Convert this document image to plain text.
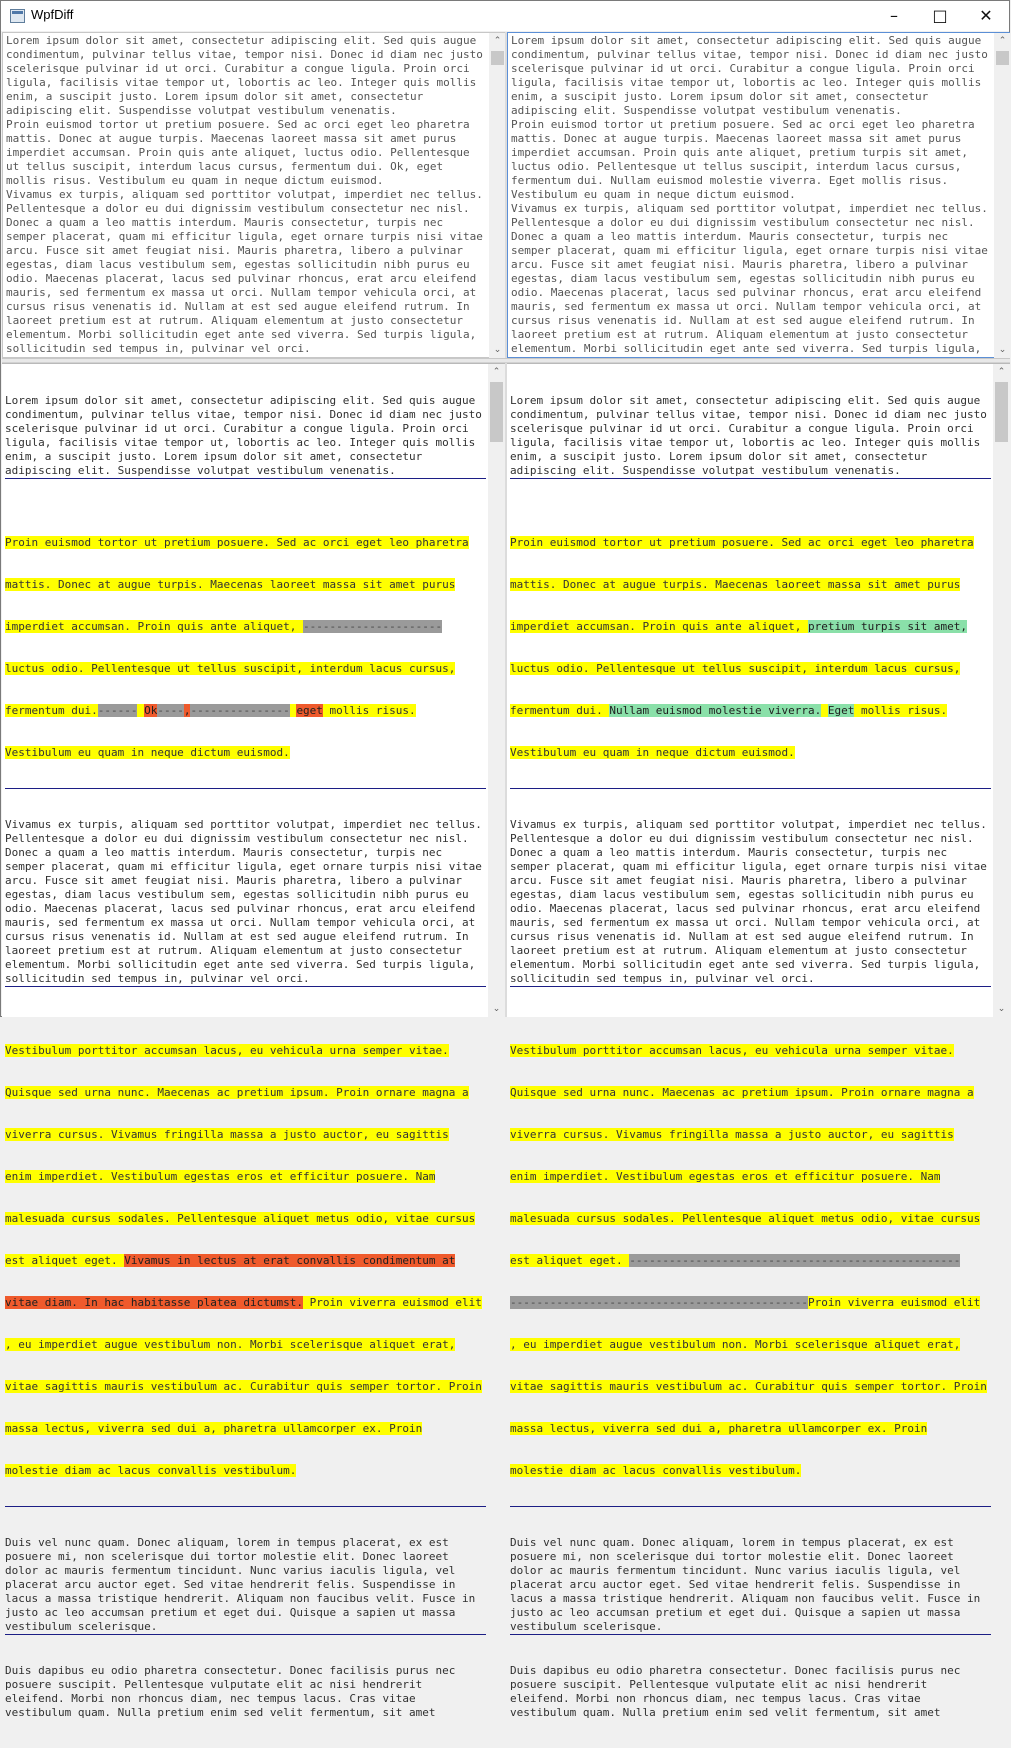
WpfDiff	–	□	✕
Lorem ipsum dolor sit amet, consectetur adipiscing elit. Sed quis augue
condimentum, pulvinar tellus vitae, tempor nisi. Donec id diam nec justo
scelerisque pulvinar id ut orci. Curabitur a congue ligula. Proin orci
ligula, facilisis vitae tempor ut, lobortis ac leo. Integer quis mollis
enim, a suscipit justo. Lorem ipsum dolor sit amet, consectetur
adipiscing elit. Suspendisse volutpat vestibulum venenatis.
Proin euismod tortor ut pretium posuere. Sed ac orci eget leo pharetra
mattis. Donec at augue turpis. Maecenas laoreet massa sit amet purus
imperdiet accumsan. Proin quis ante aliquet, luctus odio. Pellentesque
ut tellus suscipit, interdum lacus cursus, fermentum dui. Ok, eget
mollis risus. Vestibulum eu quam in neque dictum euismod.
Vivamus ex turpis, aliquam sed porttitor volutpat, imperdiet nec tellus.
Pellentesque a dolor eu dui dignissim vestibulum consectetur nec nisl.
Donec a quam a leo mattis interdum. Mauris consectetur, turpis nec
semper placerat, quam mi efficitur ligula, eget ornare turpis nisi vitae
arcu. Fusce sit amet feugiat nisi. Mauris pharetra, libero a pulvinar
egestas, diam lacus vestibulum sem, egestas sollicitudin nibh purus eu
odio. Maecenas placerat, lacus sed pulvinar rhoncus, erat arcu eleifend
mauris, sed fermentum ex massa ut orci. Nullam tempor vehicula orci, at
cursus risus venenatis id. Nullam at est sed augue eleifend rutrum. In
laoreet pretium est at rutrum. Aliquam elementum at justo consectetur
elementum. Morbi sollicitudin eget ante sed viverra. Sed turpis ligula,
sollicitudin sed tempus in, pulvinar vel orci.
⌃
⌄
Lorem ipsum dolor sit amet, consectetur adipiscing elit. Sed quis augue
condimentum, pulvinar tellus vitae, tempor nisi. Donec id diam nec justo
scelerisque pulvinar id ut orci. Curabitur a congue ligula. Proin orci
ligula, facilisis vitae tempor ut, lobortis ac leo. Integer quis mollis
enim, a suscipit justo. Lorem ipsum dolor sit amet, consectetur
adipiscing elit. Suspendisse volutpat vestibulum venenatis.
Proin euismod tortor ut pretium posuere. Sed ac orci eget leo pharetra
mattis. Donec at augue turpis. Maecenas laoreet massa sit amet purus
imperdiet accumsan. Proin quis ante aliquet, pretium turpis sit amet,
luctus odio. Pellentesque ut tellus suscipit, interdum lacus cursus,
fermentum dui. Nullam euismod molestie viverra. Eget mollis risus.
Vestibulum eu quam in neque dictum euismod.
Vivamus ex turpis, aliquam sed porttitor volutpat, imperdiet nec tellus.
Pellentesque a dolor eu dui dignissim vestibulum consectetur nec nisl.
Donec a quam a leo mattis interdum. Mauris consectetur, turpis nec
semper placerat, quam mi efficitur ligula, eget ornare turpis nisi vitae
arcu. Fusce sit amet feugiat nisi. Mauris pharetra, libero a pulvinar
egestas, diam lacus vestibulum sem, egestas sollicitudin nibh purus eu
odio. Maecenas placerat, lacus sed pulvinar rhoncus, erat arcu eleifend
mauris, sed fermentum ex massa ut orci. Nullam tempor vehicula orci, at
cursus risus venenatis id. Nullam at est sed augue eleifend rutrum. In
laoreet pretium est at rutrum. Aliquam elementum at justo consectetur
elementum. Morbi sollicitudin eget ante sed viverra. Sed turpis ligula,
⌃
⌄

Lorem ipsum dolor sit amet, consectetur adipiscing elit. Sed quis augue
condimentum, pulvinar tellus vitae, tempor nisi. Donec id diam nec justo
scelerisque pulvinar id ut orci. Curabitur a congue ligula. Proin orci
ligula, facilisis vitae tempor ut, lobortis ac leo. Integer quis mollis
enim, a suscipit justo. Lorem ipsum dolor sit amet, consectetur
adipiscing elit. Suspendisse volutpat vestibulum venenatis.

Proin euismod tortor ut pretium posuere. Sed ac orci eget leo pharetra

mattis. Donec at augue turpis. Maecenas laoreet massa sit amet purus

imperdiet accumsan. Proin quis ante aliquet, ---------------------

luctus odio. Pellentesque ut tellus suscipit, interdum lacus cursus,

fermentum dui.------ Ok----,--------------- eget mollis risus.

Vestibulum eu quam in neque dictum euismod.

Vivamus ex turpis, aliquam sed porttitor volutpat, imperdiet nec tellus.
Pellentesque a dolor eu dui dignissim vestibulum consectetur nec nisl.
Donec a quam a leo mattis interdum. Mauris consectetur, turpis nec
semper placerat, quam mi efficitur ligula, eget ornare turpis nisi vitae
arcu. Fusce sit amet feugiat nisi. Mauris pharetra, libero a pulvinar
egestas, diam lacus vestibulum sem, egestas sollicitudin nibh purus eu
odio. Maecenas placerat, lacus sed pulvinar rhoncus, erat arcu eleifend
mauris, sed fermentum ex massa ut orci. Nullam tempor vehicula orci, at
cursus risus venenatis id. Nullam at est sed augue eleifend rutrum. In
laoreet pretium est at rutrum. Aliquam elementum at justo consectetur
elementum. Morbi sollicitudin eget ante sed viverra. Sed turpis ligula,
sollicitudin sed tempus in, pulvinar vel orci.

Vestibulum porttitor accumsan lacus, eu vehicula urna semper vitae.

Quisque sed urna nunc. Maecenas ac pretium ipsum. Proin ornare magna a

viverra cursus. Vivamus fringilla massa a justo auctor, eu sagittis

enim imperdiet. Vestibulum egestas eros et efficitur posuere. Nam

malesuada cursus sodales. Pellentesque aliquet metus odio, vitae cursus

est aliquet eget. Vivamus in lectus at erat convallis condimentum at

vitae diam. In hac habitasse platea dictumst. Proin viverra euismod elit

, eu imperdiet augue vestibulum non. Morbi scelerisque aliquet erat,

vitae sagittis mauris vestibulum ac. Curabitur quis semper tortor. Proin

massa lectus, viverra sed dui a, pharetra ullamcorper ex. Proin

molestie diam ac lacus convallis vestibulum.

Duis vel nunc quam. Donec aliquam, lorem in tempus placerat, ex est
posuere mi, non scelerisque dui tortor molestie elit. Donec laoreet
dolor ac mauris fermentum tincidunt. Nunc varius iaculis ligula, vel
placerat arcu auctor eget. Sed vitae hendrerit felis. Suspendisse in
lacus a massa tristique hendrerit. Aliquam non faucibus velit. Fusce in
justo ac leo accumsan pretium et eget dui. Quisque a sapien ut massa
vestibulum scelerisque.

Duis dapibus eu odio pharetra consectetur. Donec facilisis purus nec
posuere suscipit. Pellentesque vulputate elit ac nisi hendrerit
eleifend. Morbi non rhoncus diam, nec tempus lacus. Cras vitae
vestibulum quam. Nulla pretium enim sed velit fermentum, sit amet

⌃
⌄

Lorem ipsum dolor sit amet, consectetur adipiscing elit. Sed quis augue
condimentum, pulvinar tellus vitae, tempor nisi. Donec id diam nec justo
scelerisque pulvinar id ut orci. Curabitur a congue ligula. Proin orci
ligula, facilisis vitae tempor ut, lobortis ac leo. Integer quis mollis
enim, a suscipit justo. Lorem ipsum dolor sit amet, consectetur
adipiscing elit. Suspendisse volutpat vestibulum venenatis.

Proin euismod tortor ut pretium posuere. Sed ac orci eget leo pharetra

mattis. Donec at augue turpis. Maecenas laoreet massa sit amet purus

imperdiet accumsan. Proin quis ante aliquet, pretium turpis sit amet,

luctus odio. Pellentesque ut tellus suscipit, interdum lacus cursus,

fermentum dui. Nullam euismod molestie viverra. Eget mollis risus.

Vestibulum eu quam in neque dictum euismod.

Vivamus ex turpis, aliquam sed porttitor volutpat, imperdiet nec tellus.
Pellentesque a dolor eu dui dignissim vestibulum consectetur nec nisl.
Donec a quam a leo mattis interdum. Mauris consectetur, turpis nec
semper placerat, quam mi efficitur ligula, eget ornare turpis nisi vitae
arcu. Fusce sit amet feugiat nisi. Mauris pharetra, libero a pulvinar
egestas, diam lacus vestibulum sem, egestas sollicitudin nibh purus eu
odio. Maecenas placerat, lacus sed pulvinar rhoncus, erat arcu eleifend
mauris, sed fermentum ex massa ut orci. Nullam tempor vehicula orci, at
cursus risus venenatis id. Nullam at est sed augue eleifend rutrum. In
laoreet pretium est at rutrum. Aliquam elementum at justo consectetur
elementum. Morbi sollicitudin eget ante sed viverra. Sed turpis ligula,
sollicitudin sed tempus in, pulvinar vel orci.

Vestibulum porttitor accumsan lacus, eu vehicula urna semper vitae.

Quisque sed urna nunc. Maecenas ac pretium ipsum. Proin ornare magna a

viverra cursus. Vivamus fringilla massa a justo auctor, eu sagittis

enim imperdiet. Vestibulum egestas eros et efficitur posuere. Nam

malesuada cursus sodales. Pellentesque aliquet metus odio, vitae cursus

est aliquet eget. --------------------------------------------------

---------------------------------------------Proin viverra euismod elit

, eu imperdiet augue vestibulum non. Morbi scelerisque aliquet erat,

vitae sagittis mauris vestibulum ac. Curabitur quis semper tortor. Proin

massa lectus, viverra sed dui a, pharetra ullamcorper ex. Proin

molestie diam ac lacus convallis vestibulum.

Duis vel nunc quam. Donec aliquam, lorem in tempus placerat, ex est
posuere mi, non scelerisque dui tortor molestie elit. Donec laoreet
dolor ac mauris fermentum tincidunt. Nunc varius iaculis ligula, vel
placerat arcu auctor eget. Sed vitae hendrerit felis. Suspendisse in
lacus a massa tristique hendrerit. Aliquam non faucibus velit. Fusce in
justo ac leo accumsan pretium et eget dui. Quisque a sapien ut massa
vestibulum scelerisque.

Duis dapibus eu odio pharetra consectetur. Donec facilisis purus nec
posuere suscipit. Pellentesque vulputate elit ac nisi hendrerit
eleifend. Morbi non rhoncus diam, nec tempus lacus. Cras vitae
vestibulum quam. Nulla pretium enim sed velit fermentum, sit amet

⌃
⌄
